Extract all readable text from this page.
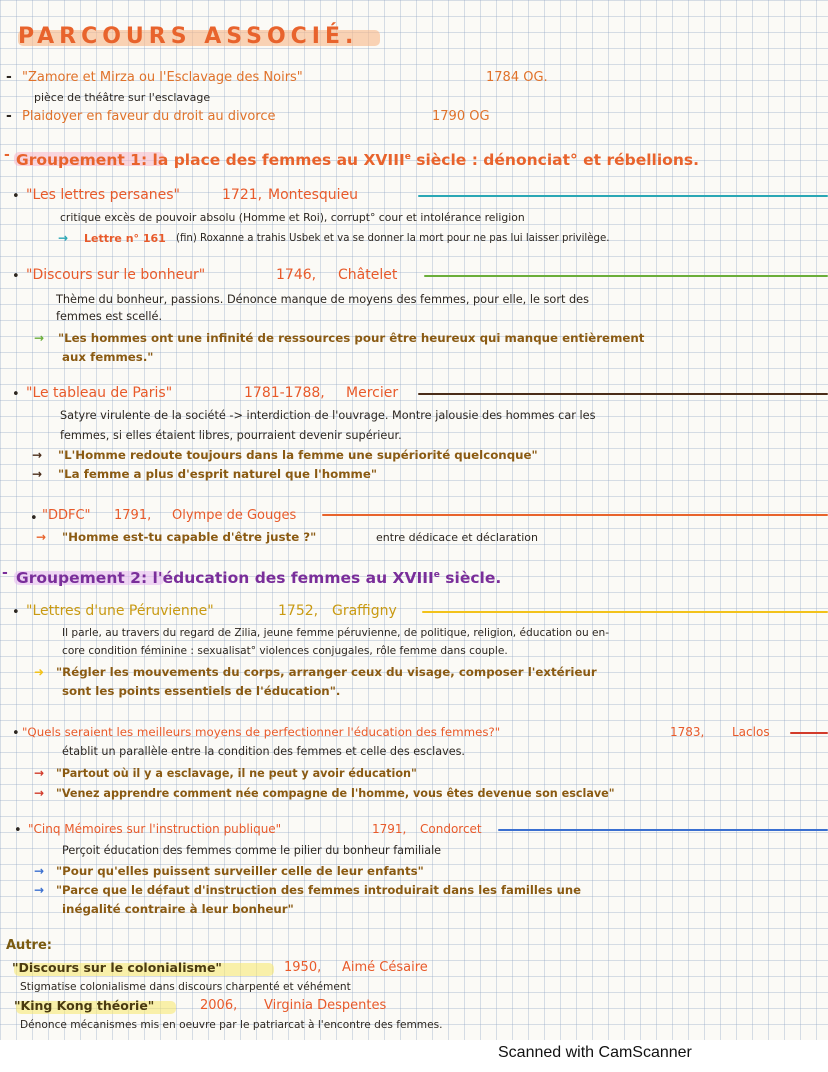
PARCOURS ASSOCIÉ.
- "Zamore et Mirza ou l'Esclavage des Noirs"	1784 OG.
pièce de théâtre sur l'esclavage
- Plaidoyer en faveur du droit au divorce	1790 OG
- Groupement 1: la place des femmes au XVIIIe siècle : dénonciat° et rébellions.
• "Les lettres persanes"	1721, Montesquieu
critique excès de pouvoir absolu (Homme et Roi), corrupt° cour et intolérance religion
→ Lettre n° 161 (fin) Roxanne a trahis Usbek et va se donner la mort pour ne pas lui laisser privilège.
• "Discours sur le bonheur"	1746, Châtelet
Thème du bonheur, passions. Dénonce manque de moyens des femmes, pour elle, le sort des
femmes est scellé.
→ "Les hommes ont une infinité de ressources pour être heureux qui manque entièrement
aux femmes."
• "Le tableau de Paris"	1781-1788, Mercier
Satyre virulente de la société -> interdiction de l'ouvrage. Montre jalousie des hommes car les
femmes, si elles étaient libres, pourraient devenir supérieur.
→ "L'Homme redoute toujours dans la femme une supériorité quelconque"
→ "La femme a plus d'esprit naturel que l'homme"
• "DDFC" 1791, Olympe de Gouges
→ "Homme est-tu capable d'être juste ?"	entre dédicace et déclaration
- Groupement 2: l'éducation des femmes au XVIIIe siècle.
• "Lettres d'une Péruvienne"	1752, Graffigny
Il parle, au travers du regard de Zilia, jeune femme péruvienne, de politique, religion, éducation ou en-
core condition féminine : sexualisat° violences conjugales, rôle femme dans couple.
➜ "Régler les mouvements du corps, arranger ceux du visage, composer l'extérieur
sont les points essentiels de l'éducation".
• "Quels seraient les meilleurs moyens de perfectionner l'éducation des femmes?"	1783, Laclos
établit un parallèle entre la condition des femmes et celle des esclaves.
→ "Partout où il y a esclavage, il ne peut y avoir éducation"
→ "Venez apprendre comment née compagne de l'homme, vous êtes devenue son esclave"
• "Cinq Mémoires sur l'instruction publique"	1791, Condorcet
Perçoit éducation des femmes comme le pilier du bonheur familiale
→ "Pour qu'elles puissent surveiller celle de leur enfants"
→ "Parce que le défaut d'instruction des femmes introduirait dans les familles une
inégalité contraire à leur bonheur"
Autre:
"Discours sur le colonialisme"	1950, Aimé Césaire
Stigmatise colonialisme dans discours charpenté et véhément
"King Kong théorie"	2006, Virginia Despentes
Dénonce mécanismes mis en oeuvre par le patriarcat à l'encontre des femmes.
Scanned with CamScanner
